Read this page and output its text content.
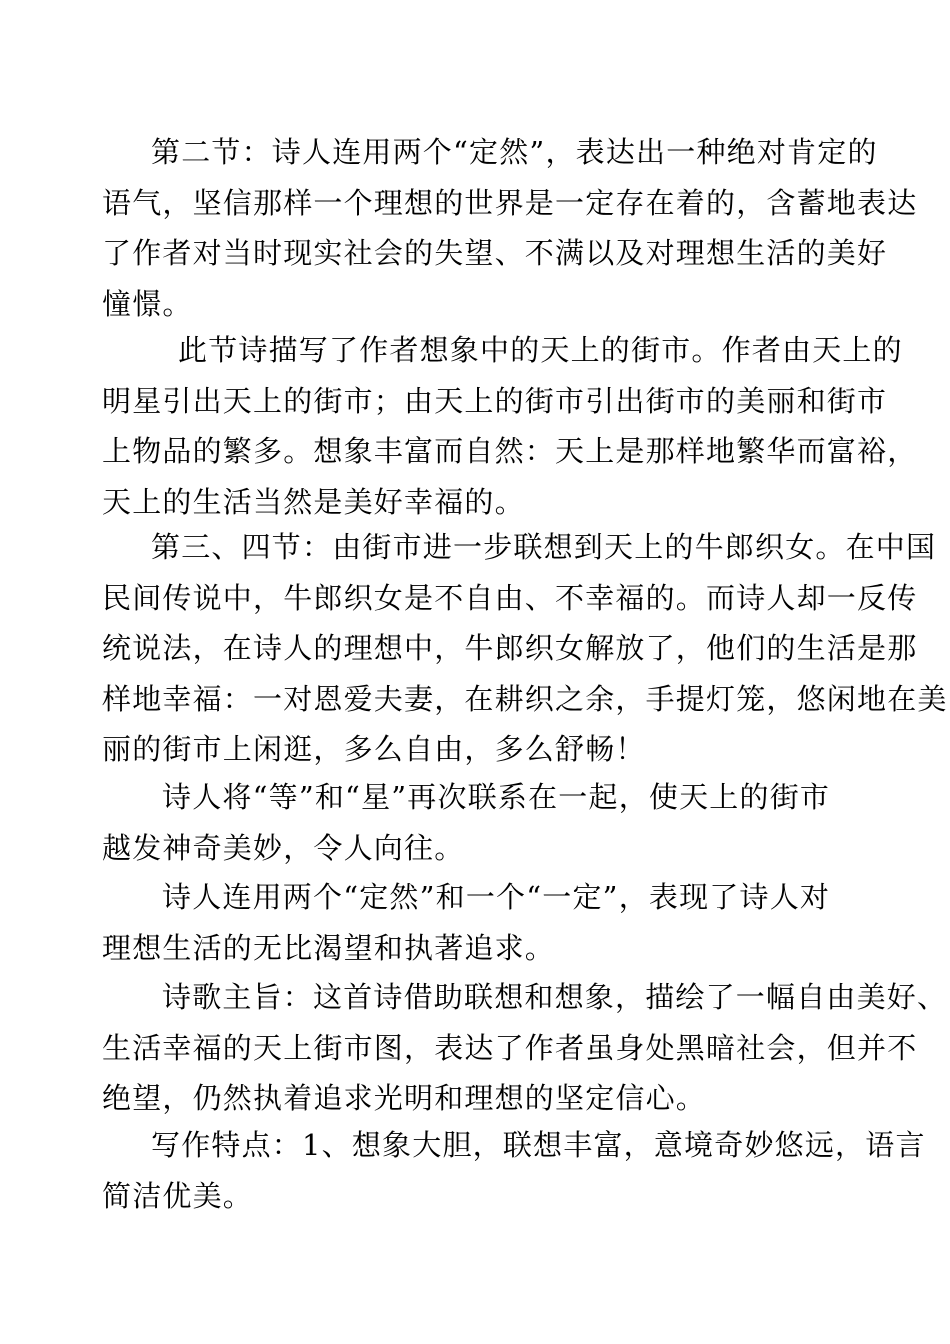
第二节：诗人连用两个“定然”，表达出一种绝对肯定的
语气，坚信那样一个理想的世界是一定存在着的，含蓄地表达
了作者对当时现实社会的失望、不满以及对理想生活的美好
憧憬。
此节诗描写了作者想象中的天上的街市。作者由天上的
明星引出天上的街市；由天上的街市引出街市的美丽和街市
上物品的繁多。想象丰富而自然：天上是那样地繁华而富裕，
天上的生活当然是美好幸福的。
第三、四节：由街市进一步联想到天上的牛郎织女。在中国
民间传说中，牛郎织女是不自由、不幸福的。而诗人却一反传
统说法，在诗人的理想中，牛郎织女解放了，他们的生活是那
样地幸福：一对恩爱夫妻，在耕织之余，手提灯笼，悠闲地在美
丽的街市上闲逛，多么自由，多么舒畅！
诗人将“等”和“星”再次联系在一起，使天上的街市
越发神奇美妙，令人向往。
诗人连用两个“定然”和一个“一定”，表现了诗人对
理想生活的无比渴望和执著追求。
诗歌主旨：这首诗借助联想和想象，描绘了一幅自由美好、
生活幸福的天上街市图，表达了作者虽身处黑暗社会，但并不
绝望，仍然执着追求光明和理想的坚定信心。
写作特点：1、想象大胆，联想丰富，意境奇妙悠远，语言
简洁优美。
